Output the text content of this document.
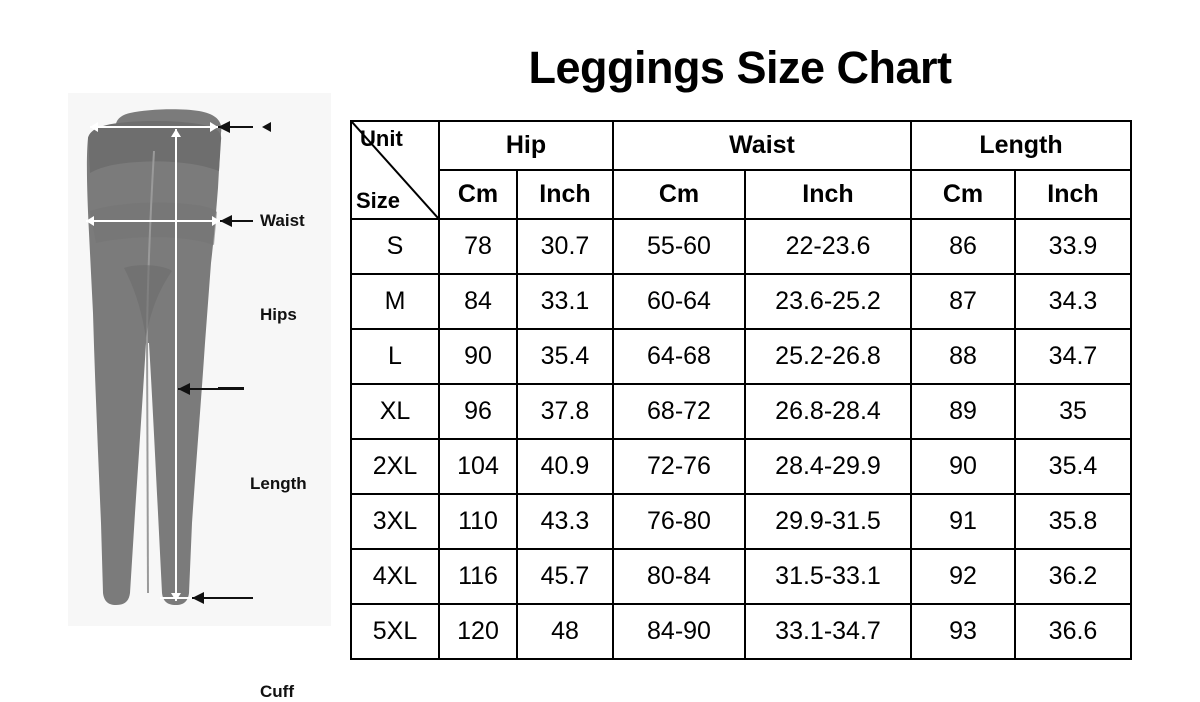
Waist
Hips
Length
Cuff
Leggings Size Chart
Unit
Size	Hip		Waist		Length	
	Cm	Inch	Cm	Inch	Cm	Inch
S	78	30.7	55-60	22-23.6	86	33.9
M	84	33.1	60-64	23.6-25.2	87	34.3
L	90	35.4	64-68	25.2-26.8	88	34.7
XL	96	37.8	68-72	26.8-28.4	89	35
2XL	104	40.9	72-76	28.4-29.9	90	35.4
3XL	110	43.3	76-80	29.9-31.5	91	35.8
4XL	116	45.7	80-84	31.5-33.1	92	36.2
5XL	120	48	84-90	33.1-34.7	93	36.6
